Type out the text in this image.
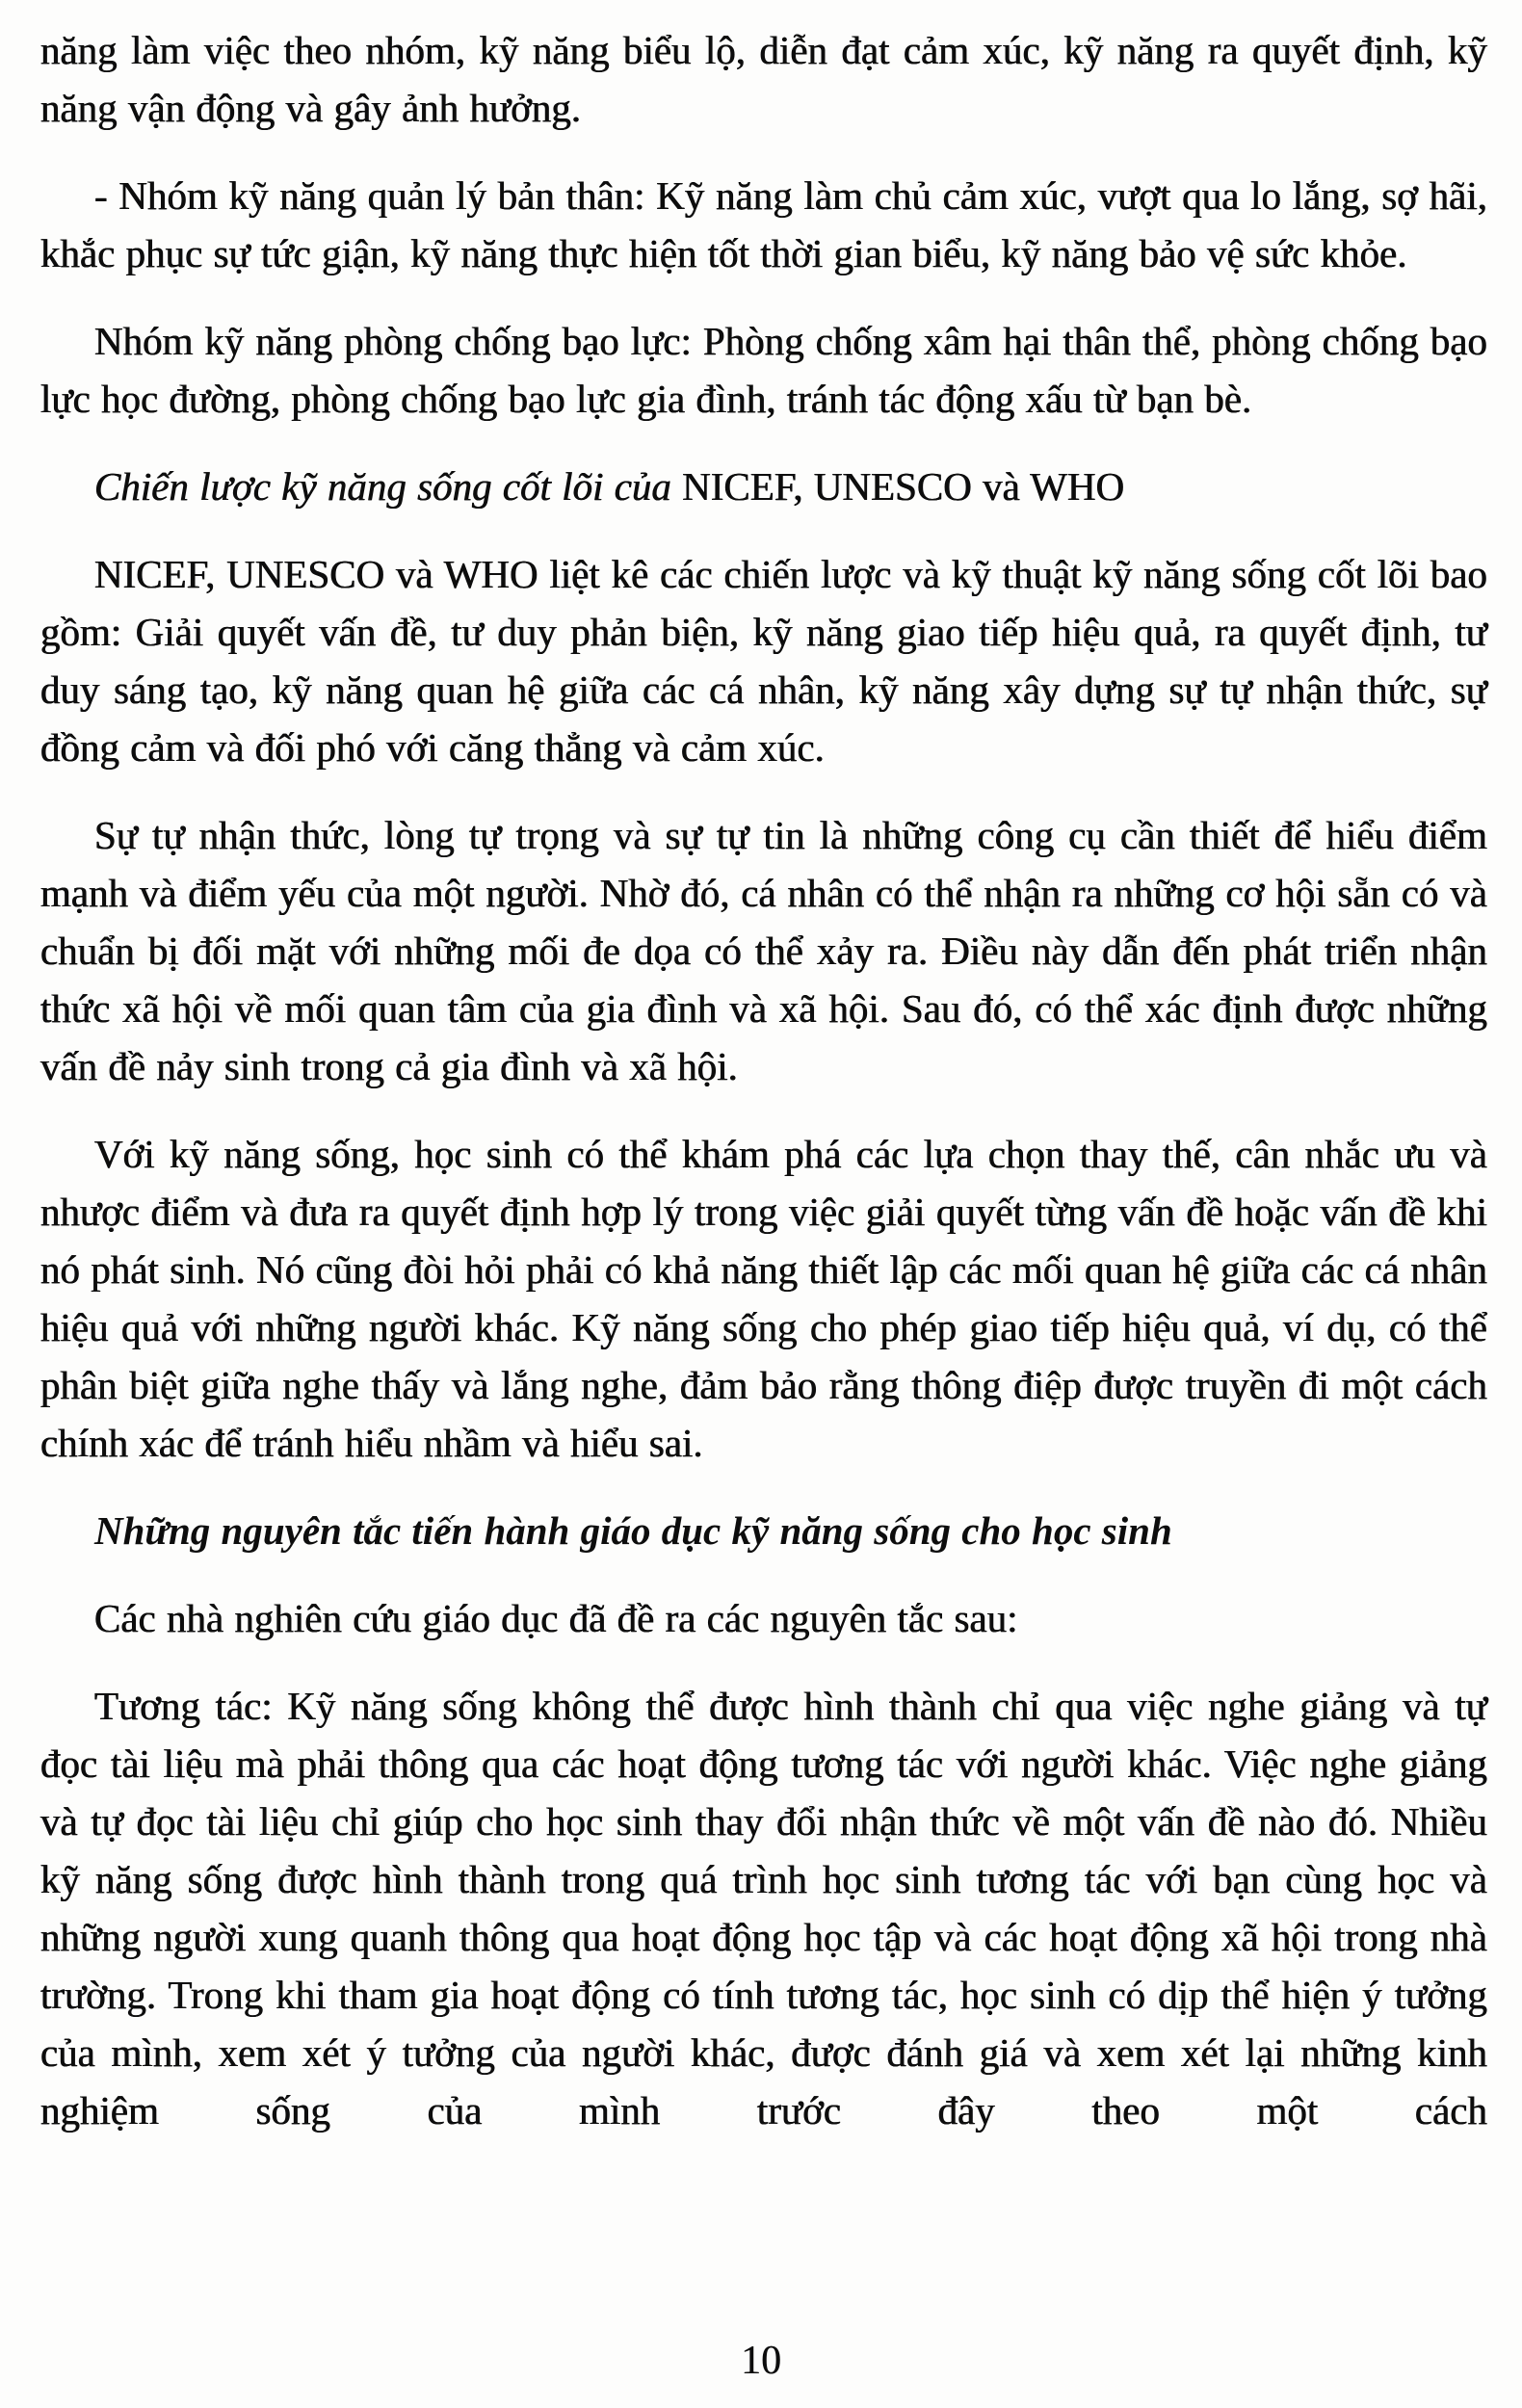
năng làm việc theo nhóm, kỹ năng biểu lộ, diễn đạt cảm xúc, kỹ năng ra quyết định, kỹ năng vận động và gây ảnh hưởng.

- Nhóm kỹ năng quản lý bản thân: Kỹ năng làm chủ cảm xúc, vượt qua lo lắng, sợ hãi, khắc phục sự tức giận, kỹ năng thực hiện tốt thời gian biểu, kỹ năng bảo vệ sức khỏe.

Nhóm kỹ năng phòng chống bạo lực: Phòng chống xâm hại thân thể, phòng chống bạo lực học đường, phòng chống bạo lực gia đình, tránh tác động xấu từ bạn bè.

Chiến lược kỹ năng sống cốt lõi của NICEF, UNESCO và WHO

NICEF, UNESCO và WHO liệt kê các chiến lược và kỹ thuật kỹ năng sống cốt lõi bao gồm: Giải quyết vấn đề, tư duy phản biện, kỹ năng giao tiếp hiệu quả, ra quyết định, tư duy sáng tạo, kỹ năng quan hệ giữa các cá nhân, kỹ năng xây dựng sự tự nhận thức, sự đồng cảm và đối phó với căng thẳng và cảm xúc.

Sự tự nhận thức, lòng tự trọng và sự tự tin là những công cụ cần thiết để hiểu điểm mạnh và điểm yếu của một người. Nhờ đó, cá nhân có thể nhận ra những cơ hội sẵn có và chuẩn bị đối mặt với những mối đe dọa có thể xảy ra. Điều này dẫn đến phát triển nhận thức xã hội về mối quan tâm của gia đình và xã hội. Sau đó, có thể xác định được những vấn đề nảy sinh trong cả gia đình và xã hội.

Với kỹ năng sống, học sinh có thể khám phá các lựa chọn thay thế, cân nhắc ưu và nhược điểm và đưa ra quyết định hợp lý trong việc giải quyết từng vấn đề hoặc vấn đề khi nó phát sinh. Nó cũng đòi hỏi phải có khả năng thiết lập các mối quan hệ giữa các cá nhân hiệu quả với những người khác. Kỹ năng sống cho phép giao tiếp hiệu quả, ví dụ, có thể phân biệt giữa nghe thấy và lắng nghe, đảm bảo rằng thông điệp được truyền đi một cách chính xác để tránh hiểu nhầm và hiểu sai.

Những nguyên tắc tiến hành giáo dục kỹ năng sống cho học sinh

Các nhà nghiên cứu giáo dục đã đề ra các nguyên tắc sau:

Tương tác: Kỹ năng sống không thể được hình thành chỉ qua việc nghe giảng và tự đọc tài liệu mà phải thông qua các hoạt động tương tác với người khác. Việc nghe giảng và tự đọc tài liệu chỉ giúp cho học sinh thay đổi nhận thức về một vấn đề nào đó. Nhiều kỹ năng sống được hình thành trong quá trình học sinh tương tác với bạn cùng học và những người xung quanh thông qua hoạt động học tập và các hoạt động xã hội trong nhà trường. Trong khi tham gia hoạt động có tính tương tác, học sinh có dịp thể hiện ý tưởng của mình, xem xét ý tưởng của người khác, được đánh giá và xem xét lại những kinh nghiệm sống của mình trước đây theo một cách

10
